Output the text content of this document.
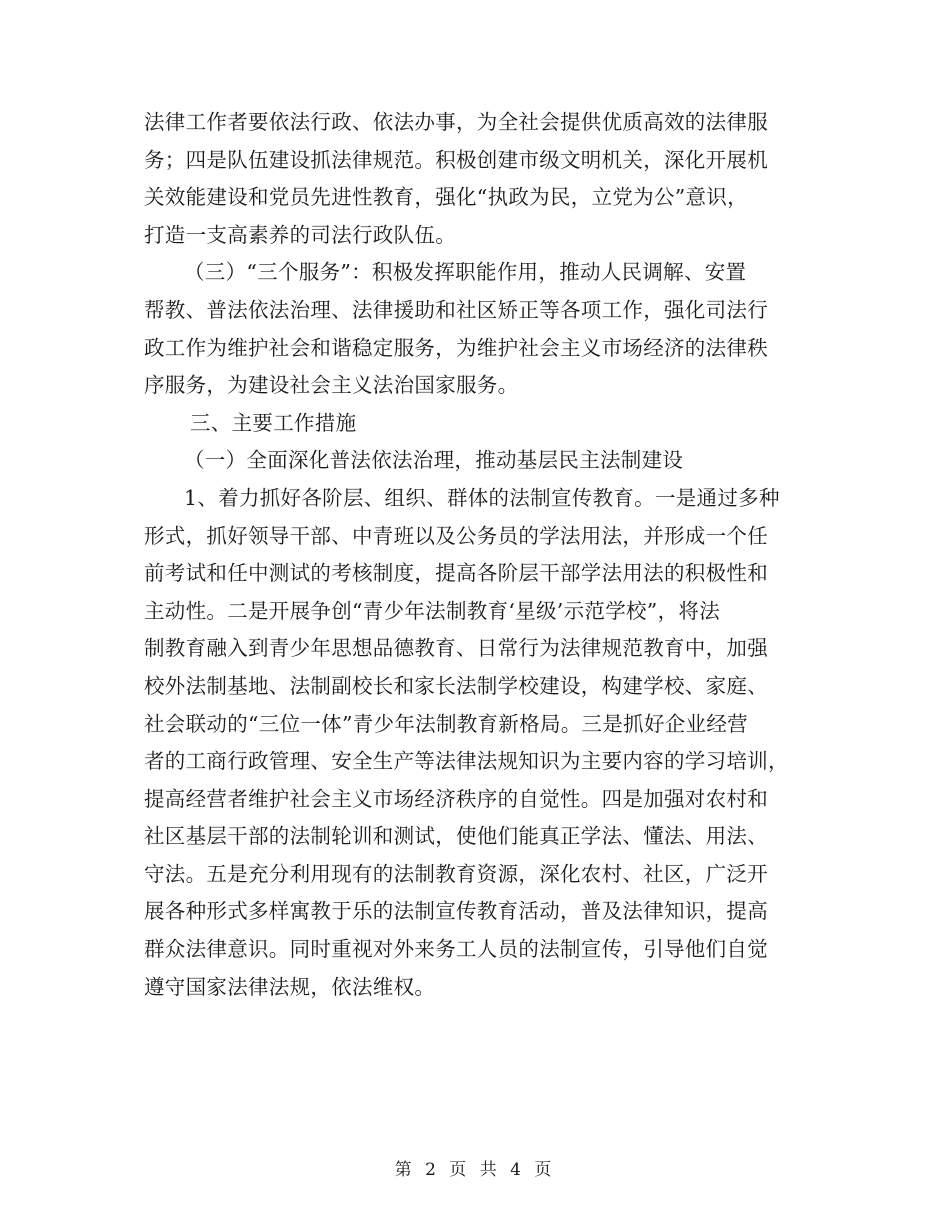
法律工作者要依法行政、依法办事，为全社会提供优质高效的法律服
务；四是队伍建设抓法律规范。积极创建市级文明机关，深化开展机
关效能建设和党员先进性教育，强化“执政为民，立党为公”意识，
打造一支高素养的司法行政队伍。
（三）“三个服务”：积极发挥职能作用，推动人民调解、安置
帮教、普法依法治理、法律援助和社区矫正等各项工作，强化司法行
政工作为维护社会和谐稳定服务，为维护社会主义市场经济的法律秩
序服务，为建设社会主义法治国家服务。
三、主要工作措施
（一）全面深化普法依法治理，推动基层民主法制建设
1、着力抓好各阶层、组织、群体的法制宣传教育。一是通过多种
形式，抓好领导干部、中青班以及公务员的学法用法，并形成一个任
前考试和任中测试的考核制度，提高各阶层干部学法用法的积极性和
主动性。二是开展争创“青少年法制教育‘星级’示范学校”，将法
制教育融入到青少年思想品德教育、日常行为法律规范教育中，加强
校外法制基地、法制副校长和家长法制学校建设，构建学校、家庭、
社会联动的“三位一体”青少年法制教育新格局。三是抓好企业经营
者的工商行政管理、安全生产等法律法规知识为主要内容的学习培训，
提高经营者维护社会主义市场经济秩序的自觉性。四是加强对农村和
社区基层干部的法制轮训和测试，使他们能真正学法、懂法、用法、
守法。五是充分利用现有的法制教育资源，深化农村、社区，广泛开
展各种形式多样寓教于乐的法制宣传教育活动，普及法律知识，提高
群众法律意识。同时重视对外来务工人员的法制宣传，引导他们自觉
遵守国家法律法规，依法维权。
第 2 页 共 4 页
